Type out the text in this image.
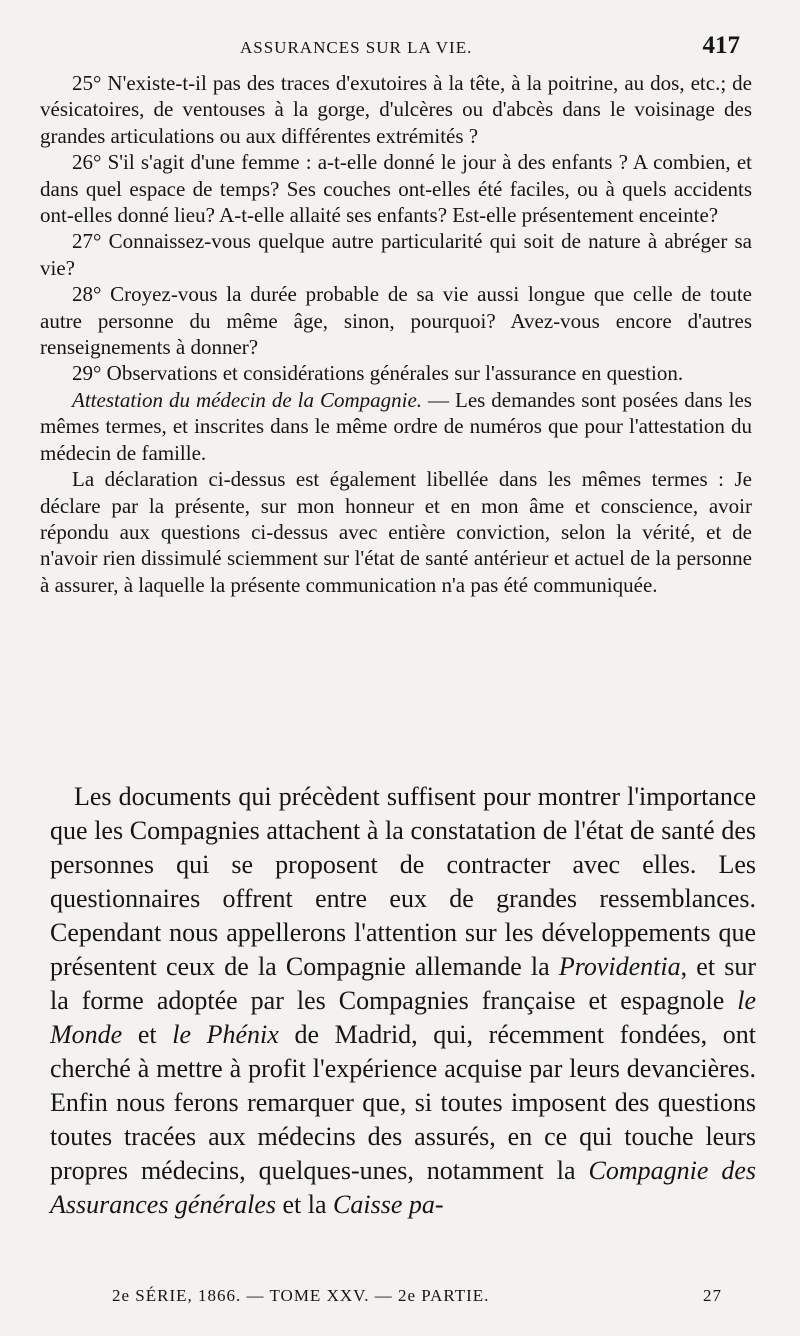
ASSURANCES SUR LA VIE.	417

25° N'existe-t-il pas des traces d'exutoires à la tête, à la poitrine, au dos, etc.; de vésicatoires, de ventouses à la gorge, d'ulcères ou d'abcès dans le voisinage des grandes articulations ou aux différentes extrémités ?

26° S'il s'agit d'une femme : a-t-elle donné le jour à des enfants ? A combien, et dans quel espace de temps? Ses couches ont-elles été faciles, ou à quels accidents ont-elles donné lieu? A-t-elle allaité ses enfants? Est-elle présentement enceinte?

27° Connaissez-vous quelque autre particularité qui soit de nature à abréger sa vie?

28° Croyez-vous la durée probable de sa vie aussi longue que celle de toute autre personne du même âge, sinon, pourquoi? Avez-vous encore d'autres renseignements à donner?

29° Observations et considérations générales sur l'assurance en question.

Attestation du médecin de la Compagnie. — Les demandes sont posées dans les mêmes termes, et inscrites dans le même ordre de numéros que pour l'attestation du médecin de famille.

La déclaration ci-dessus est également libellée dans les mêmes termes : Je déclare par la présente, sur mon honneur et en mon âme et conscience, avoir répondu aux questions ci-dessus avec entière conviction, selon la vérité, et de n'avoir rien dissimulé sciemment sur l'état de santé antérieur et actuel de la personne à assurer, à laquelle la présente communication n'a pas été communiquée.

Les documents qui précèdent suffisent pour montrer l'importance que les Compagnies attachent à la constatation de l'état de santé des personnes qui se proposent de contracter avec elles. Les questionnaires offrent entre eux de grandes ressemblances. Cependant nous appellerons l'attention sur les développements que présentent ceux de la Compagnie allemande la Providentia, et sur la forme adoptée par les Compagnies française et espagnole le Monde et le Phénix de Madrid, qui, récemment fondées, ont cherché à mettre à profit l'expérience acquise par leurs devancières. Enfin nous ferons remarquer que, si toutes imposent des questions toutes tracées aux médecins des assurés, en ce qui touche leurs propres médecins, quelques-unes, notamment la Compagnie des Assurances générales et la Caisse pa-

2e SÉRIE, 1866. — TOME XXV. — 2e PARTIE.	27
